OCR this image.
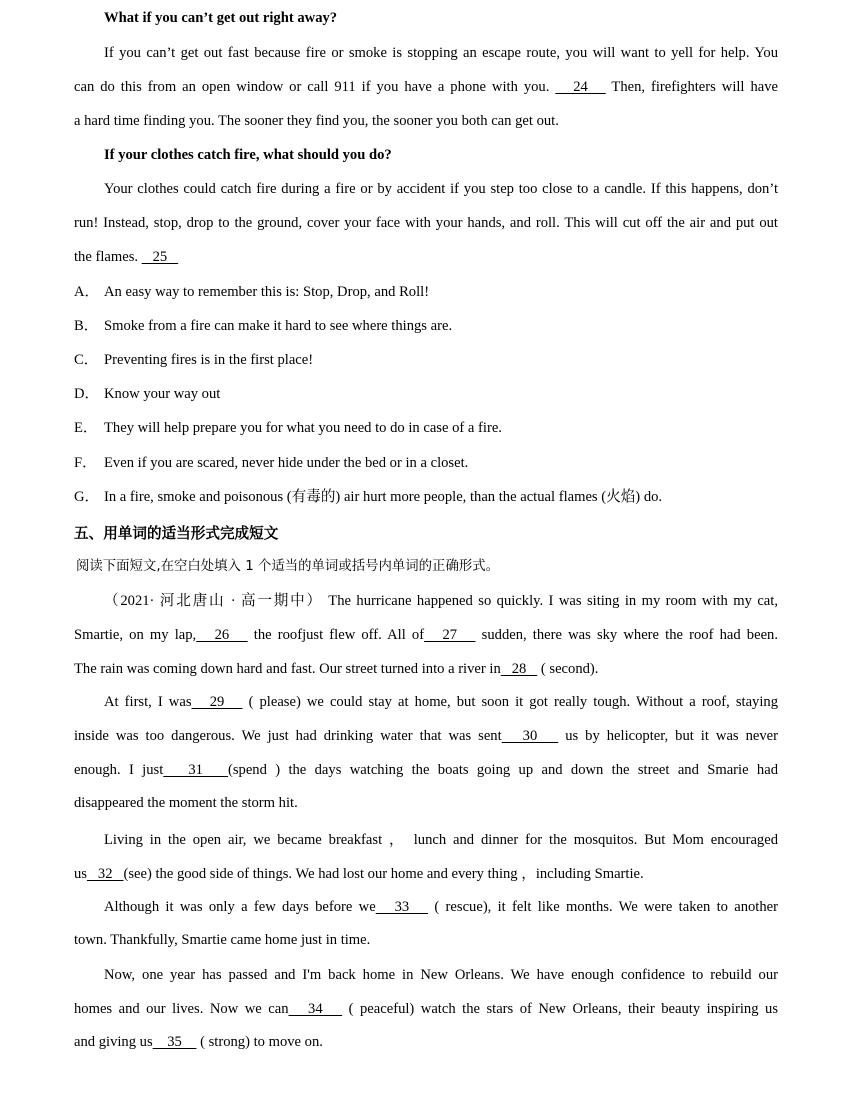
What if you can’t get out right away?
If you can’t get out fast because fire or smoke is stopping an escape route, you will want to yell for help. You
can do this from an open window or call 911 if you have a phone with you.    24    Then, firefighters will have
a hard time finding you. The sooner they find you, the sooner you both can get out.
If your clothes catch fire, what should you do?
Your clothes could catch fire during a fire or by accident if you step too close to a candle. If this happens, don’t
run! Instead, stop, drop to the ground, cover your face with your hands, and roll. This will cut off the air and put out
the flames.    25
A． An easy way to remember this is: Stop, Drop, and Roll!
B． Smoke from a fire can make it hard to see where things are.
C． Preventing fires is in the first place!
D． Know your way out
E． They will help prepare you for what you need to do in case of a fire.
F． Even if you are scared, never hide under the bed or in a closet.
G． In a fire, smoke and poisonous (有毒的) air hurt more people, than the actual flames (火焰) do.
五、用单词的适当形式完成短文
阅读下面短文,在空白处填入 1 个适当的单词或括号内单词的正确形式。
（2021· 河北唐山 · 高一期中） The hurricane happened so quickly. I was siting in my room with my cat,
Smartie, on my lap,   26    the roofjust flew off. All of   27    sudden, there was sky where the roof had been.
The rain was coming down hard and fast. Our street turned into a river in   28    ( second).
At first, I was   29    ( please) we could stay at home, but soon it got really tough. Without a roof, staying
inside was too dangerous. We just had drinking water that was sent   30    us by helicopter, but it was never
enough. I just   31   (spend ) the days watching the boats going up and down the street and Smarie had
disappeared the moment the storm hit.
Living in the open air, we became breakfast ， lunch and dinner for the mosquitos. But Mom encouraged
us   32   (see) the good side of things. We had lost our home and every thing ，including Smartie.
Although it was only a few days before we   33    ( rescue), it felt like months. We were taken to another
town. Thankfully, Smartie came home just in time.
Now, one year has passed and I'm back home in New Orleans. We have enough confidence to rebuild our
homes and our lives. Now we can   34    ( peaceful) watch the stars of New Orleans, their beauty inspiring us
and giving us    35     ( strong) to move on.
